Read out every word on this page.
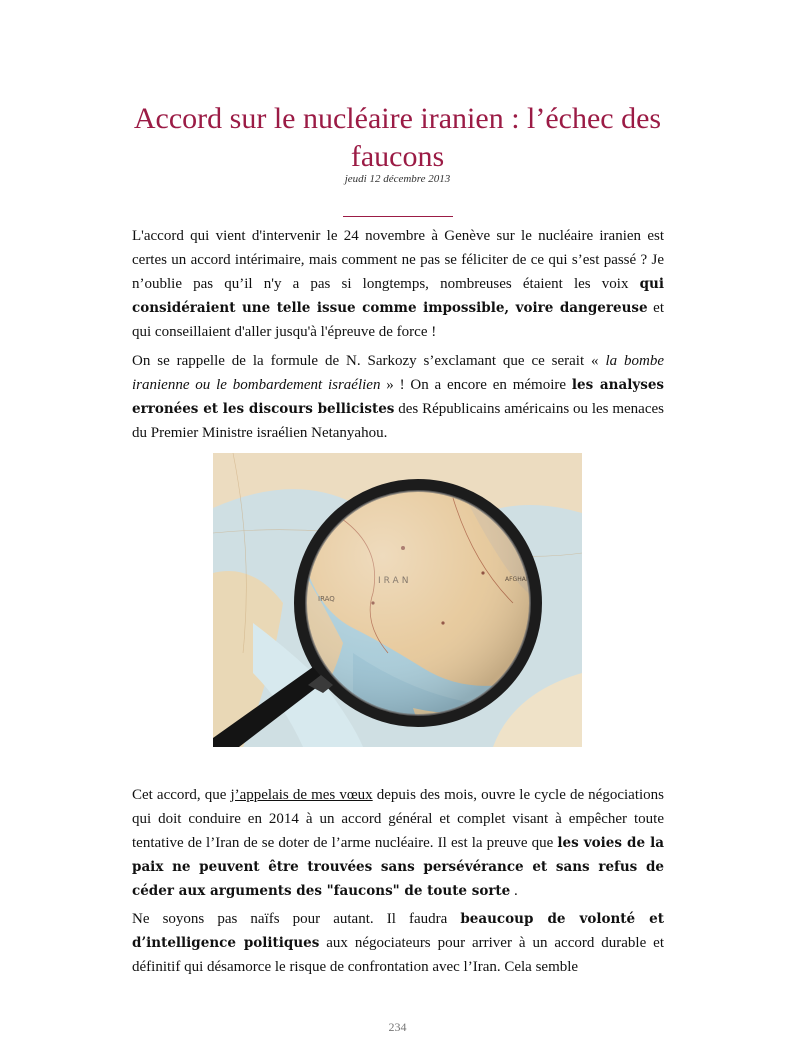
Accord sur le nucléaire iranien : l’échec des faucons
jeudi 12 décembre 2013

L'accord qui vient d'intervenir le 24 novembre à Genève sur le nucléaire iranien est certes un accord intérimaire, mais comment ne pas se féliciter de ce qui s’est passé ? Je n’oublie pas qu’il n'y a pas si longtemps, nombreuses étaient les voix qui considéraient une telle issue comme impossible, voire dangereuse et qui conseillaient d'aller jusqu'à l'épreuve de force !

On se rappelle de la formule de N. Sarkozy s’exclamant que ce serait « la bombe iranienne ou le bombardement israélien » ! On a encore en mémoire les analyses erronées et les discours bellicistes des Républicains américains ou les menaces du Premier Ministre israélien Netanyahou.

Cet accord, que j’appelais de mes vœux depuis des mois, ouvre le cycle de négociations qui doit conduire en 2014 à un accord général et complet visant à empêcher toute tentative de l’Iran de se doter de l’arme nucléaire. Il est la preuve que les voies de la paix ne peuvent être trouvées sans persévérance et sans refus de céder aux arguments des "faucons" de toute sorte .

Ne soyons pas naïfs pour autant. Il faudra beaucoup de volonté et d’intelligence politiques aux négociateurs pour arriver à un accord durable et définitif qui désamorce le risque de confrontation avec l’Iran. Cela semble

234
